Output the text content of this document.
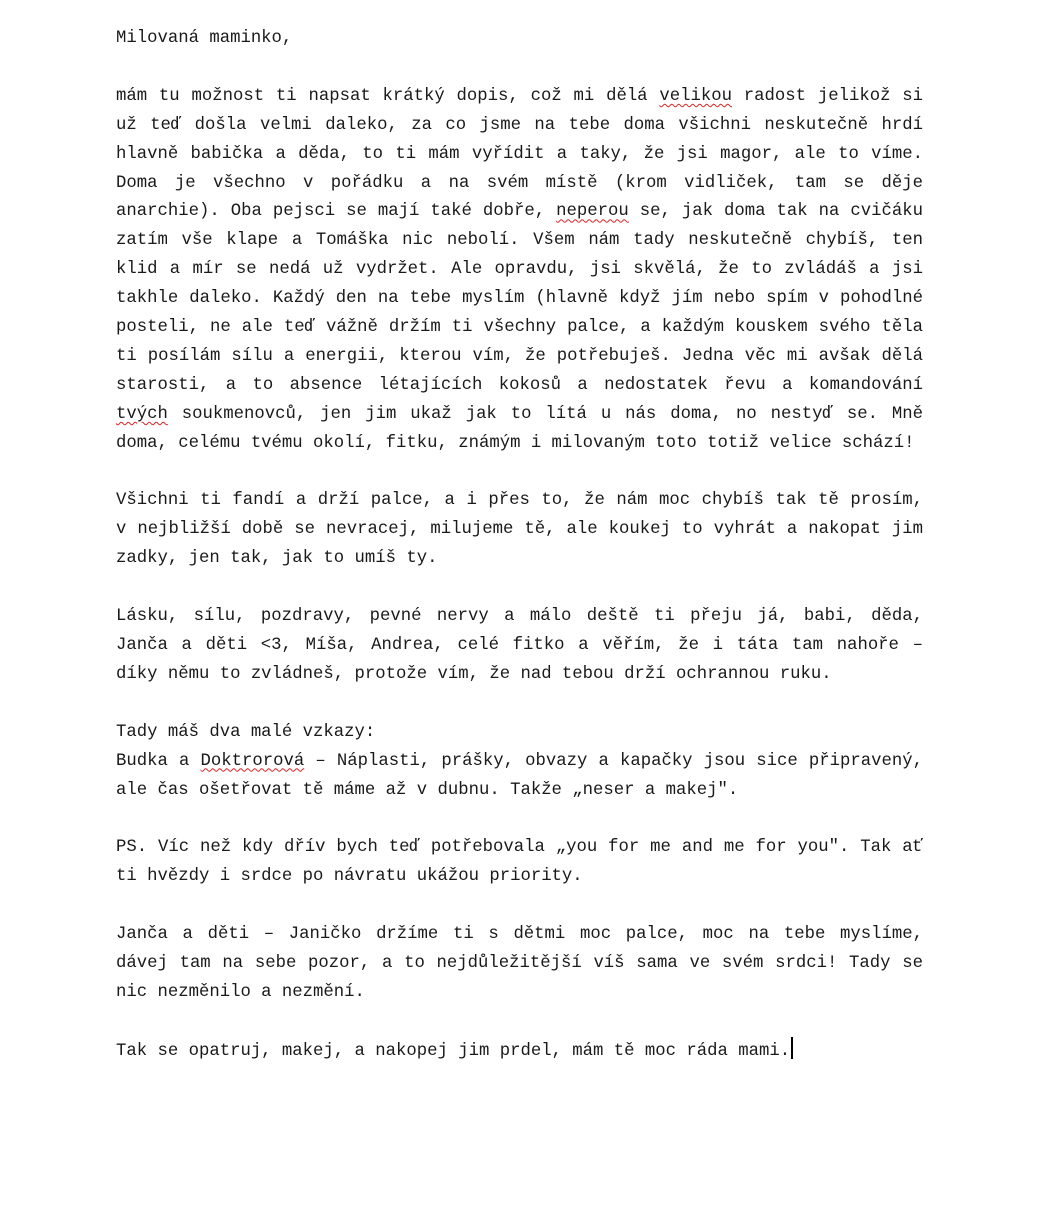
Milovaná maminko,

mám tu možnost ti napsat krátký dopis, což mi dělá velikou radost jelikož si už teď došla velmi daleko, za co jsme na tebe doma všichni neskutečně hrdí hlavně babička a děda, to ti mám vyřídit a taky, že jsi magor, ale to víme. Doma je všechno v pořádku a na svém místě (krom vidliček, tam se děje anarchie). Oba pejsci se mají také dobře, neperou se, jak doma tak na cvičáku zatím vše klape a Tomáška nic nebolí. Všem nám tady neskutečně chybíš, ten klid a mír se nedá už vydržet. Ale opravdu, jsi skvělá, že to zvládáš a jsi takhle daleko. Každý den na tebe myslím (hlavně když jím nebo spím v pohodlné posteli, ne ale teď vážně držím ti všechny palce, a každým kouskem svého těla ti posílám sílu a energii, kterou vím, že potřebuješ. Jedna věc mi avšak dělá starosti, a to absence létajících kokosů a nedostatek řevu a komandování tvých soukmenovců, jen jim ukaž jak to lítá u nás doma, no nestyď se. Mně doma, celému tvému okolí, fitku, známým i milovaným toto totiž velice schází!

Všichni ti fandí a drží palce, a i přes to, že nám moc chybíš tak tě prosím, v nejbližší době se nevracej, milujeme tě, ale koukej to vyhrát a nakopat jim zadky, jen tak, jak to umíš ty.

Lásku, sílu, pozdravy, pevné nervy a málo deště ti přeju já, babi, děda, Janča a děti <3, Míša, Andrea, celé fitko a věřím, že i táta tam nahoře – díky němu to zvládneš, protože vím, že nad tebou drží ochrannou ruku.

Tady máš dva malé vzkazy:

Budka a Doktrorová – Náplasti, prášky, obvazy a kapačky jsou sice připravený, ale čas ošetřovat tě máme až v dubnu. Takže „neser a makej".

PS. Víc než kdy dřív bych teď potřebovala „you for me and me for you". Tak ať ti hvězdy i srdce po návratu ukážou priority.

Janča a děti – Janičko držíme ti s dětmi moc palce, moc na tebe myslíme, dávej tam na sebe pozor, a to nejdůležitější víš sama ve svém srdci! Tady se nic nezměnilo a nezmění.

Tak se opatruj, makej, a nakopej jim prdel, mám tě moc ráda mami.
